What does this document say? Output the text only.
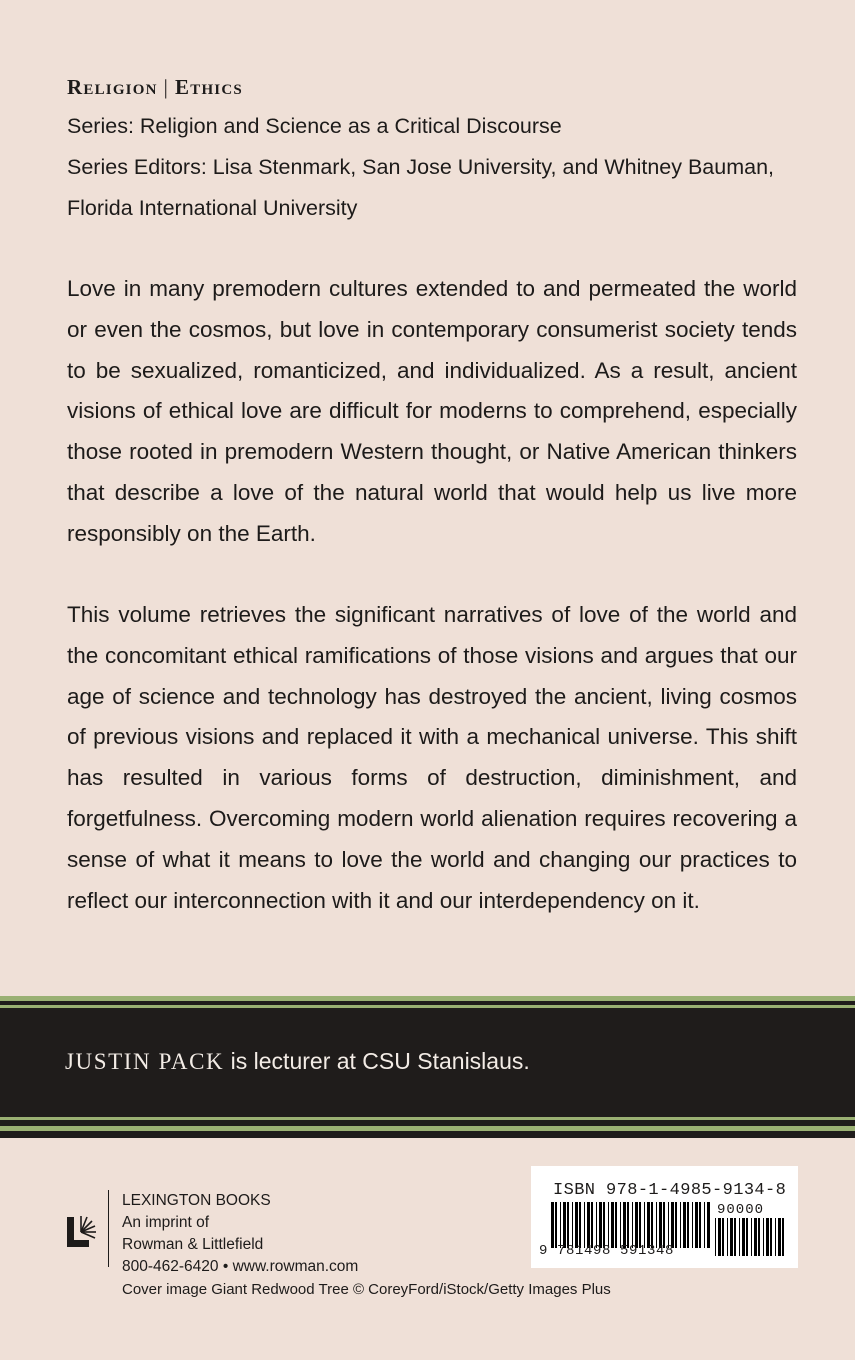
Religion | Ethics
Series: Religion and Science as a Critical Discourse
Series Editors: Lisa Stenmark, San Jose University, and Whitney Bauman,
Florida International University

Love in many premodern cultures extended to and permeated the world or even the cosmos, but love in contemporary consumerist society tends to be sexualized, romanticized, and individualized. As a result, ancient visions of ethical love are difficult for moderns to comprehend, especially those rooted in premodern Western thought, or Native American thinkers that describe a love of the natural world that would help us live more responsibly on the Earth.

This volume retrieves the significant narratives of love of the world and the concomitant ethical ramifications of those visions and argues that our age of science and technology has destroyed the ancient, living cosmos of previous visions and replaced it with a mechanical universe. This shift has resulted in various forms of destruction, diminishment, and forgetfulness. Overcoming modern world alienation requires recovering a sense of what it means to love the world and changing our practices to reflect our interconnection with it and our interdependency on it.

JUSTIN PACK is lecturer at CSU Stanislaus.
LEXINGTON BOOKS
An imprint of
Rowman & Littlefield
800-462-6420 • www.rowman.com
Cover image Giant Redwood Tree © CoreyFord/iStock/Getty Images Plus
ISBN 978-1-4985-9134-8
90000
9 781498 591348
